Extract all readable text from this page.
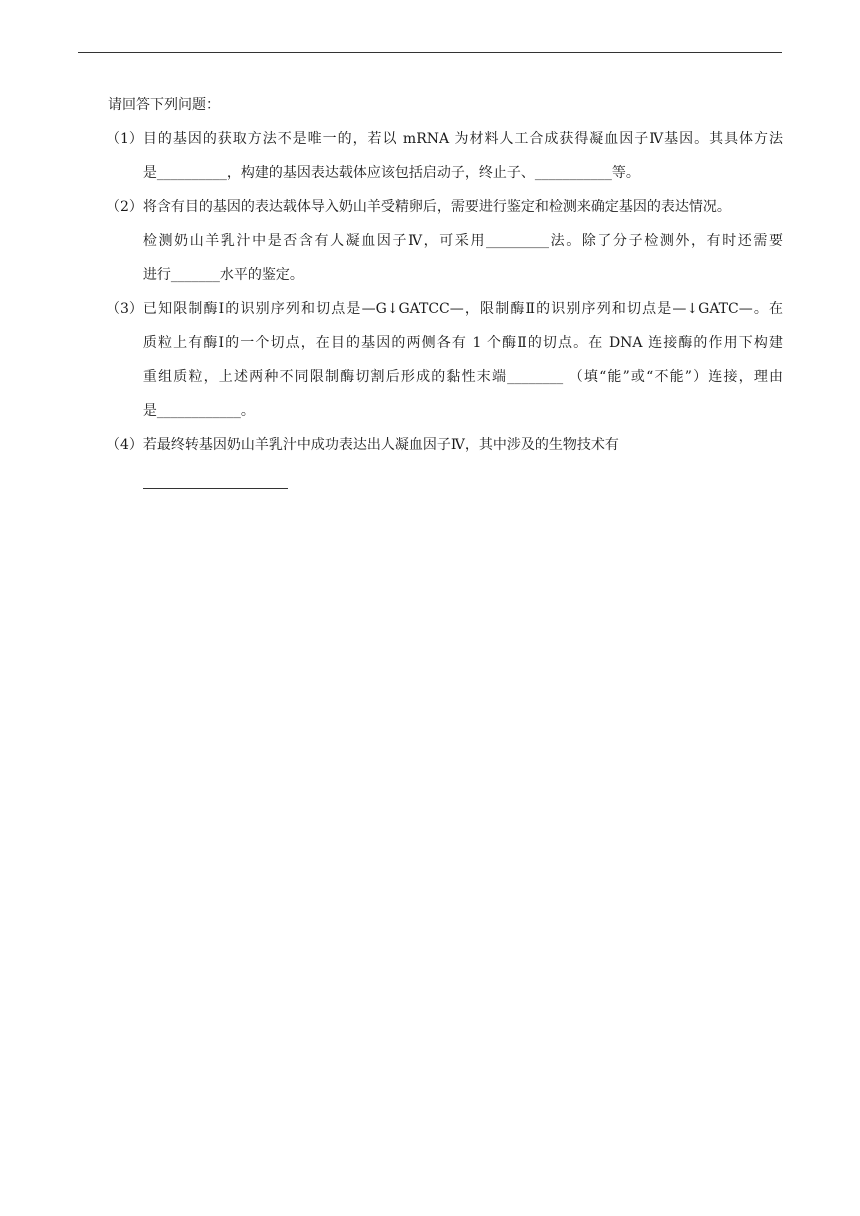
请回答下列问题：

（1） 目的基因的获取方法不是唯一的，若以 mRNA 为材料人工合成获得凝血因子Ⅳ基因。其具体方法
是__________，构建的基因表达载体应该包括启动子，终止子、___________等。
（2） 将含有目的基因的表达载体导入奶山羊受精卵后，需要进行鉴定和检测来确定基因的表达情况。
检测奶山羊乳汁中是否含有人凝血因子Ⅳ，可采用_________法。除了分子检测外，有时还需要
进行_______水平的鉴定。
（3） 已知限制酶Ⅰ的识别序列和切点是—G↓GATCC—，限制酶Ⅱ的识别序列和切点是—↓GATC—。在
质粒上有酶Ⅰ的一个切点，在目的基因的两侧各有 1 个酶Ⅱ的切点。在 DNA 连接酶的作用下构建
重组质粒，上述两种不同限制酶切割后形成的黏性末端________ （填“能”或“不能”）连接，理由
是____________。
（4） 若最终转基因奶山羊乳汁中成功表达出人凝血因子Ⅳ，其中涉及的生物技术有
